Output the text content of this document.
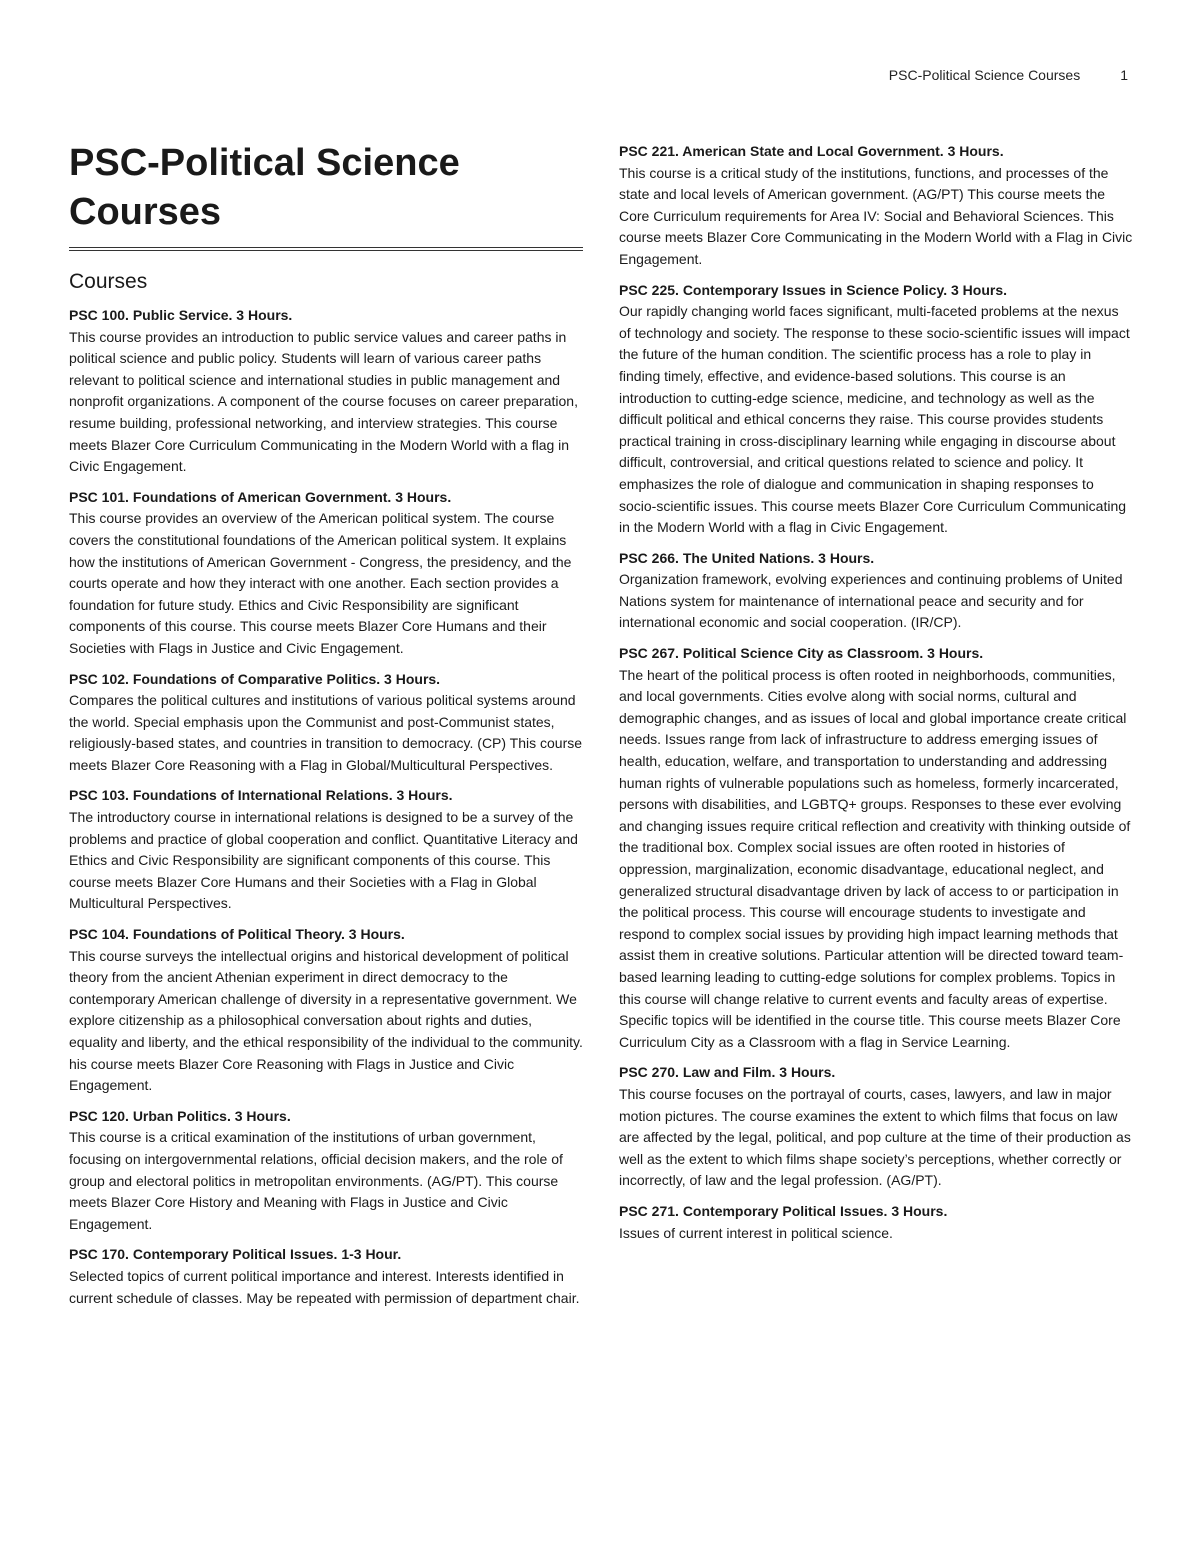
PSC-Political Science Courses	1
PSC-Political Science Courses
Courses
PSC 100. Public Service. 3 Hours.
This course provides an introduction to public service values and career paths in political science and public policy. Students will learn of various career paths relevant to political science and international studies in public management and nonprofit organizations. A component of the course focuses on career preparation, resume building, professional networking, and interview strategies. This course meets Blazer Core Curriculum Communicating in the Modern World with a flag in Civic Engagement.
PSC 101. Foundations of American Government. 3 Hours.
This course provides an overview of the American political system. The course covers the constitutional foundations of the American political system. It explains how the institutions of American Government - Congress, the presidency, and the courts operate and how they interact with one another. Each section provides a foundation for future study. Ethics and Civic Responsibility are significant components of this course. This course meets Blazer Core Humans and their Societies with Flags in Justice and Civic Engagement.
PSC 102. Foundations of Comparative Politics. 3 Hours.
Compares the political cultures and institutions of various political systems around the world. Special emphasis upon the Communist and post-Communist states, religiously-based states, and countries in transition to democracy. (CP) This course meets Blazer Core Reasoning with a Flag in Global/Multicultural Perspectives.
PSC 103. Foundations of International Relations. 3 Hours.
The introductory course in international relations is designed to be a survey of the problems and practice of global cooperation and conflict. Quantitative Literacy and Ethics and Civic Responsibility are significant components of this course. This course meets Blazer Core Humans and their Societies with a Flag in Global Multicultural Perspectives.
PSC 104. Foundations of Political Theory. 3 Hours.
This course surveys the intellectual origins and historical development of political theory from the ancient Athenian experiment in direct democracy to the contemporary American challenge of diversity in a representative government. We explore citizenship as a philosophical conversation about rights and duties, equality and liberty, and the ethical responsibility of the individual to the community. his course meets Blazer Core Reasoning with Flags in Justice and Civic Engagement.
PSC 120. Urban Politics. 3 Hours.
This course is a critical examination of the institutions of urban government, focusing on intergovernmental relations, official decision makers, and the role of group and electoral politics in metropolitan environments. (AG/PT). This course meets Blazer Core History and Meaning with Flags in Justice and Civic Engagement.
PSC 170. Contemporary Political Issues. 1-3 Hour.
Selected topics of current political importance and interest. Interests identified in current schedule of classes. May be repeated with permission of department chair.
PSC 221. American State and Local Government. 3 Hours.
This course is a critical study of the institutions, functions, and processes of the state and local levels of American government. (AG/PT) This course meets the Core Curriculum requirements for Area IV: Social and Behavioral Sciences. This course meets Blazer Core Communicating in the Modern World with a Flag in Civic Engagement.
PSC 225. Contemporary Issues in Science Policy. 3 Hours.
Our rapidly changing world faces significant, multi-faceted problems at the nexus of technology and society. The response to these socio-scientific issues will impact the future of the human condition. The scientific process has a role to play in finding timely, effective, and evidence-based solutions. This course is an introduction to cutting-edge science, medicine, and technology as well as the difficult political and ethical concerns they raise. This course provides students practical training in cross-disciplinary learning while engaging in discourse about difficult, controversial, and critical questions related to science and policy. It emphasizes the role of dialogue and communication in shaping responses to socio-scientific issues. This course meets Blazer Core Curriculum Communicating in the Modern World with a flag in Civic Engagement.
PSC 266. The United Nations. 3 Hours.
Organization framework, evolving experiences and continuing problems of United Nations system for maintenance of international peace and security and for international economic and social cooperation. (IR/CP).
PSC 267. Political Science City as Classroom. 3 Hours.
The heart of the political process is often rooted in neighborhoods, communities, and local governments. Cities evolve along with social norms, cultural and demographic changes, and as issues of local and global importance create critical needs. Issues range from lack of infrastructure to address emerging issues of health, education, welfare, and transportation to understanding and addressing human rights of vulnerable populations such as homeless, formerly incarcerated, persons with disabilities, and LGBTQ+ groups. Responses to these ever evolving and changing issues require critical reflection and creativity with thinking outside of the traditional box. Complex social issues are often rooted in histories of oppression, marginalization, economic disadvantage, educational neglect, and generalized structural disadvantage driven by lack of access to or participation in the political process. This course will encourage students to investigate and respond to complex social issues by providing high impact learning methods that assist them in creative solutions. Particular attention will be directed toward team-based learning leading to cutting-edge solutions for complex problems. Topics in this course will change relative to current events and faculty areas of expertise. Specific topics will be identified in the course title. This course meets Blazer Core Curriculum City as a Classroom with a flag in Service Learning.
PSC 270. Law and Film. 3 Hours.
This course focuses on the portrayal of courts, cases, lawyers, and law in major motion pictures. The course examines the extent to which films that focus on law are affected by the legal, political, and pop culture at the time of their production as well as the extent to which films shape society’s perceptions, whether correctly or incorrectly, of law and the legal profession. (AG/PT).
PSC 271. Contemporary Political Issues. 3 Hours.
Issues of current interest in political science.
